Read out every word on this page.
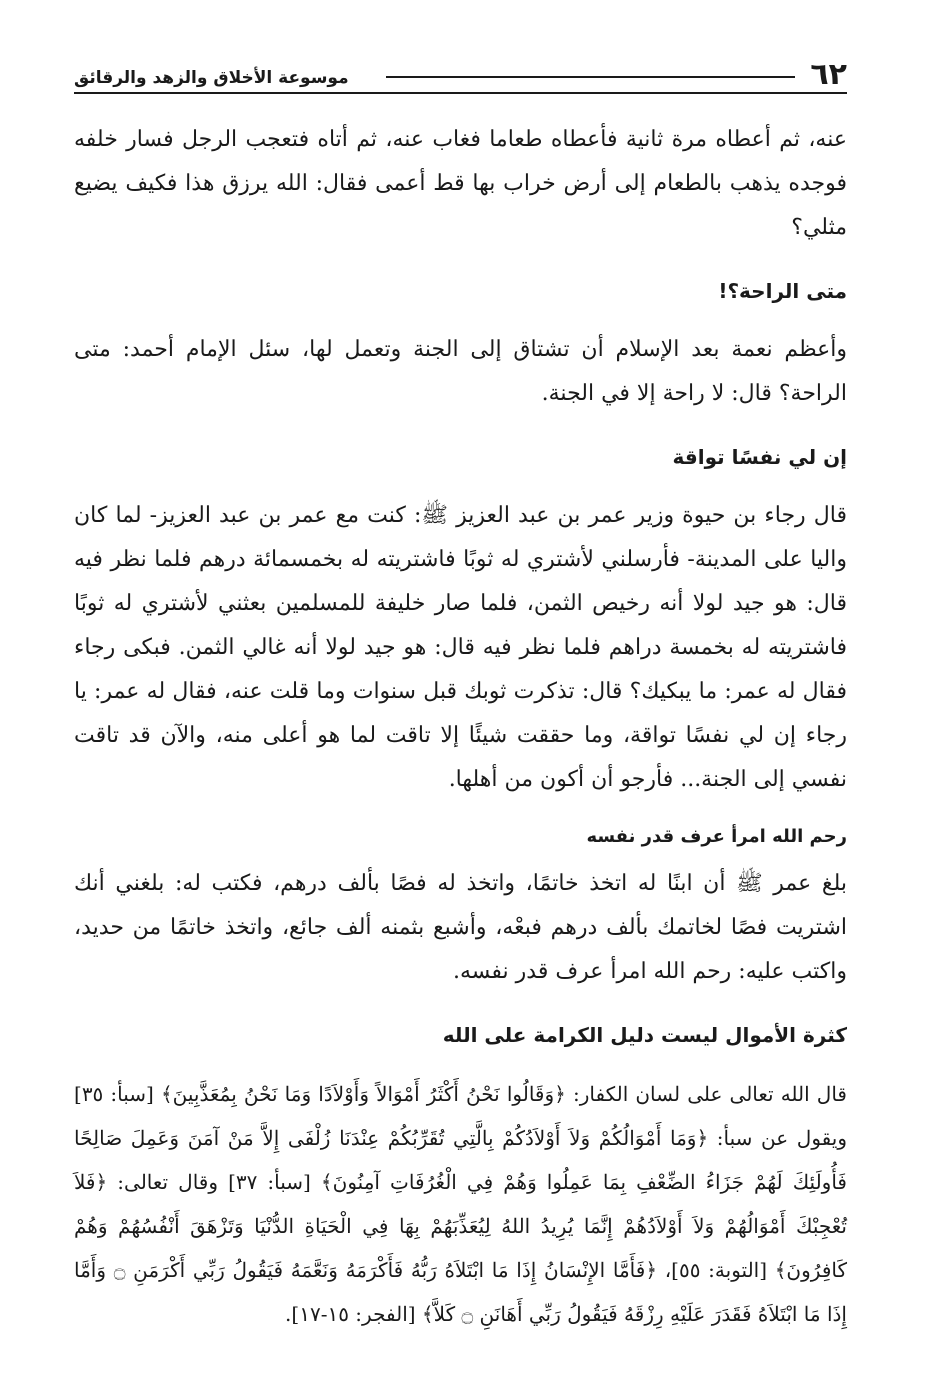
٦٢
موسوعة الأخلاق والزهد والرقائق

عنه، ثم أعطاه مرة ثانية فأعطاه طعاما فغاب عنه، ثم أتاه فتعجب الرجل فسار خلفه فوجده يذهب بالطعام إلى أرض خراب بها قط أعمى فقال: الله يرزق هذا فكيف يضيع مثلي؟

متى الراحة؟!

وأعظم نعمة بعد الإسلام أن تشتاق إلى الجنة وتعمل لها، سئل الإمام أحمد: متى الراحة؟ قال: لا راحة إلا في الجنة.

إن لي نفسًا تواقة

قال رجاء بن حيوة وزير عمر بن عبد العزيز ﷺ: كنت مع عمر بن عبد العزيز- لما كان واليا على المدينة- فأرسلني لأشتري له ثوبًا فاشتريته له بخمسمائة درهم فلما نظر فيه قال: هو جيد لولا أنه رخيص الثمن، فلما صار خليفة للمسلمين بعثني لأشتري له ثوبًا فاشتريته له بخمسة دراهم فلما نظر فيه قال: هو جيد لولا أنه غالي الثمن. فبكى رجاء فقال له عمر: ما يبكيك؟ قال: تذكرت ثوبك قبل سنوات وما قلت عنه، فقال له عمر: يا رجاء إن لي نفسًا تواقة، وما حققت شيئًا إلا تاقت لما هو أعلى منه، والآن قد تاقت نفسي إلى الجنة... فأرجو أن أكون من أهلها.

رحم الله امرأ عرف قدر نفسه

بلغ عمر ﷺ أن ابنًا له اتخذ خاتمًا، واتخذ له فصًا بألف درهم، فكتب له: بلغني أنك اشتريت فصًا لخاتمك بألف درهم فبعْه، وأشبع بثمنه ألف جائع، واتخذ خاتمًا من حديد، واكتب عليه: رحم الله امرأ عرف قدر نفسه.

كثرة الأموال ليست دليل الكرامة على الله

قال الله تعالى على لسان الكفار: ﴿وَقَالُوا نَحْنُ أَكْثَرُ أَمْوَالاً وَأَوْلاَدًا وَمَا نَحْنُ بِمُعَذَّبِينَ﴾ [سبأ: ٣٥] ويقول عن سبأ: ﴿وَمَا أَمْوَالُكُمْ وَلاَ أَوْلاَدُكُمْ بِالَّتِي تُقَرِّبُكُمْ عِنْدَنَا زُلْفَى إِلاَّ مَنْ آمَنَ وَعَمِلَ صَالِحًا فَأُولَئِكَ لَهُمْ جَزَاءُ الضِّعْفِ بِمَا عَمِلُوا وَهُمْ فِي الْغُرُفَاتِ آمِنُونَ﴾ [سبأ: ٣٧] وقال تعالى: ﴿فَلاَ تُعْجِبْكَ أَمْوَالُهُمْ وَلاَ أَوْلاَدُهُمْ إِنَّمَا يُرِيدُ اللهُ لِيُعَذِّبَهُمْ بِهَا فِي الْحَيَاةِ الدُّنْيَا وَتَزْهَقَ أَنْفُسُهُمْ وَهُمْ كَافِرُونَ﴾ [التوبة: ٥٥]، ﴿فَأَمَّا الإِنْسَانُ إِذَا مَا ابْتَلاَهُ رَبُّهُ فَأَكْرَمَهُ وَنَعَّمَهُ فَيَقُولُ رَبِّي أَكْرَمَنِ ۝ وَأَمَّا إِذَا مَا ابْتَلاَهُ فَقَدَرَ عَلَيْهِ رِزْقَهُ فَيَقُولُ رَبِّي أَهَانَنِ ۝ كَلاَّ﴾ [الفجر: ١٥-١٧].
